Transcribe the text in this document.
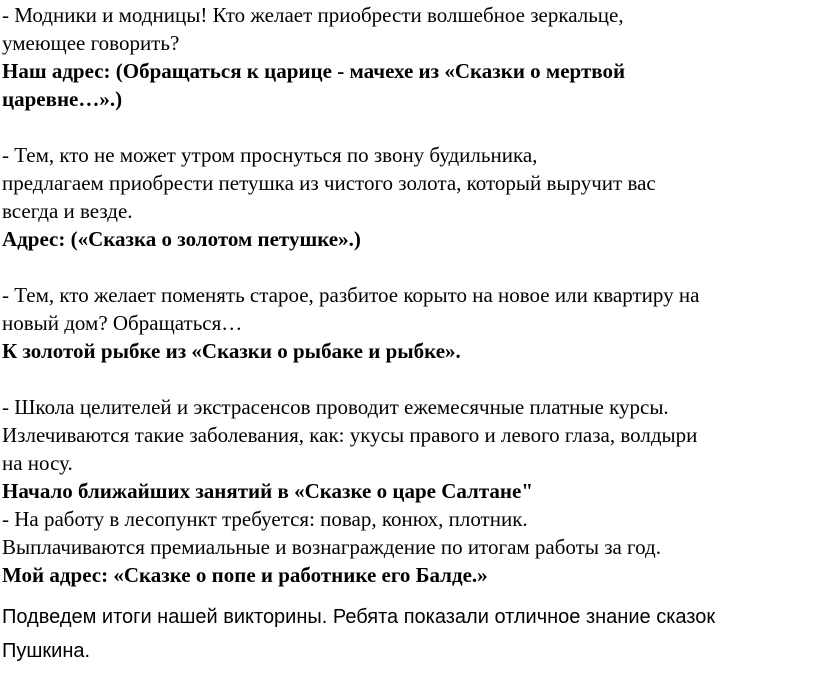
- Модники и модницы! Кто желает приобрести волшебное зеркальце,
умеющее говорить?
Наш адрес: (Обращаться к царице - мачехе из «Сказки о мертвой
царевне…».)
- Тем, кто не может утром проснуться по звону будильника,
предлагаем приобрести петушка из чистого золота, который выручит вас
всегда и везде.
Адрес: («Сказка о золотом петушке».)
- Тем, кто желает поменять старое, разбитое корыто на новое или квартиру на
новый дом? Обращаться…
К золотой рыбке из «Сказки о рыбаке и рыбке».
- Школа целителей и экстрасенсов проводит ежемесячные платные курсы.
Излечиваются такие заболевания, как: укусы правого и левого глаза, волдыри
на носу.
Начало ближайших занятий в «Сказке о царе Салтане"
- На работу в лесопункт требуется: повар, конюх, плотник.
Выплачиваются премиальные и вознаграждение по итогам работы за год.
Мой адрес: «Сказке о попе и работнике его Балде.»
Подведем итоги нашей викторины. Ребята показали отличное знание сказок
Пушкина.
